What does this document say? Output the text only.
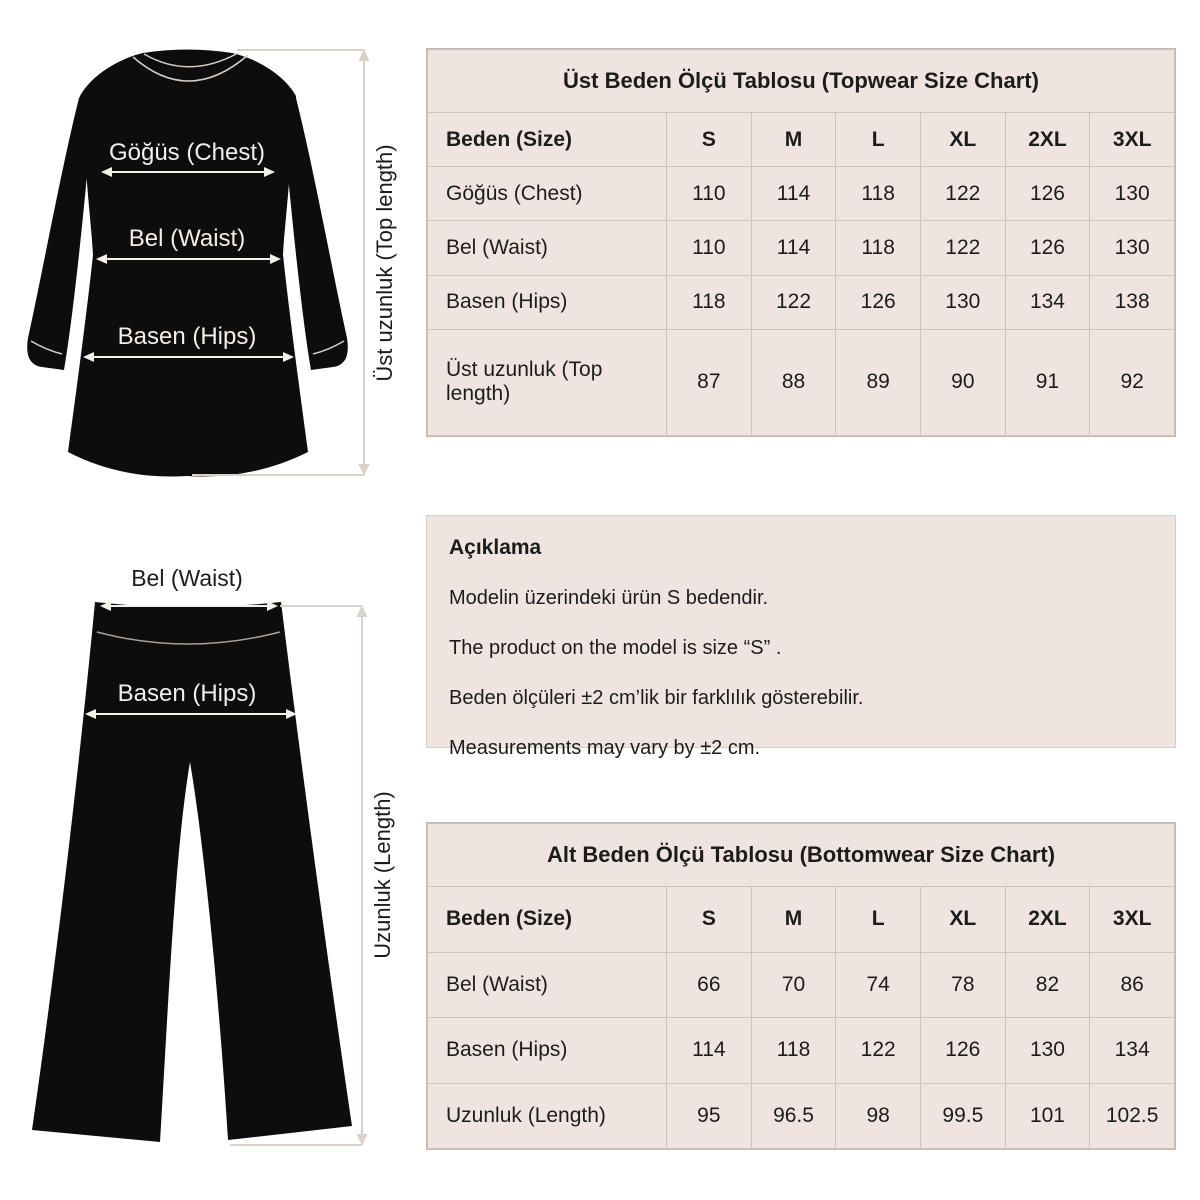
Göğüs (Chest)
Bel (Waist)
Basen (Hips)	Üst uzunluk (Top length)
Bel (Waist)
Basen (Hips)
Uzunluk (Length)
Üst Beden Ölçü Tablosu (Topwear Size Chart)						
Beden (Size)	S	M	L	XL	2XL	3XL
Göğüs (Chest)	110	114	118	122	126	130
Bel (Waist)	110	114	118	122	126	130
Basen (Hips)	118	122	126	130	134	138
Üst uzunluk (Top length)	87	88	89	90	91	92
Açıklama

Modelin üzerindeki ürün S bedendir.

The product on the model is size “S” .

Beden ölçüleri ±2 cm’lik bir farklılık gösterebilir.

Measurements may vary by ±2 cm.

Alt Beden Ölçü Tablosu (Bottomwear Size Chart)						
Beden (Size)	S	M	L	XL	2XL	3XL
Bel (Waist)	66	70	74	78	82	86
Basen (Hips)	114	118	122	126	130	134
Uzunluk (Length)	95	96.5	98	99.5	101	102.5
